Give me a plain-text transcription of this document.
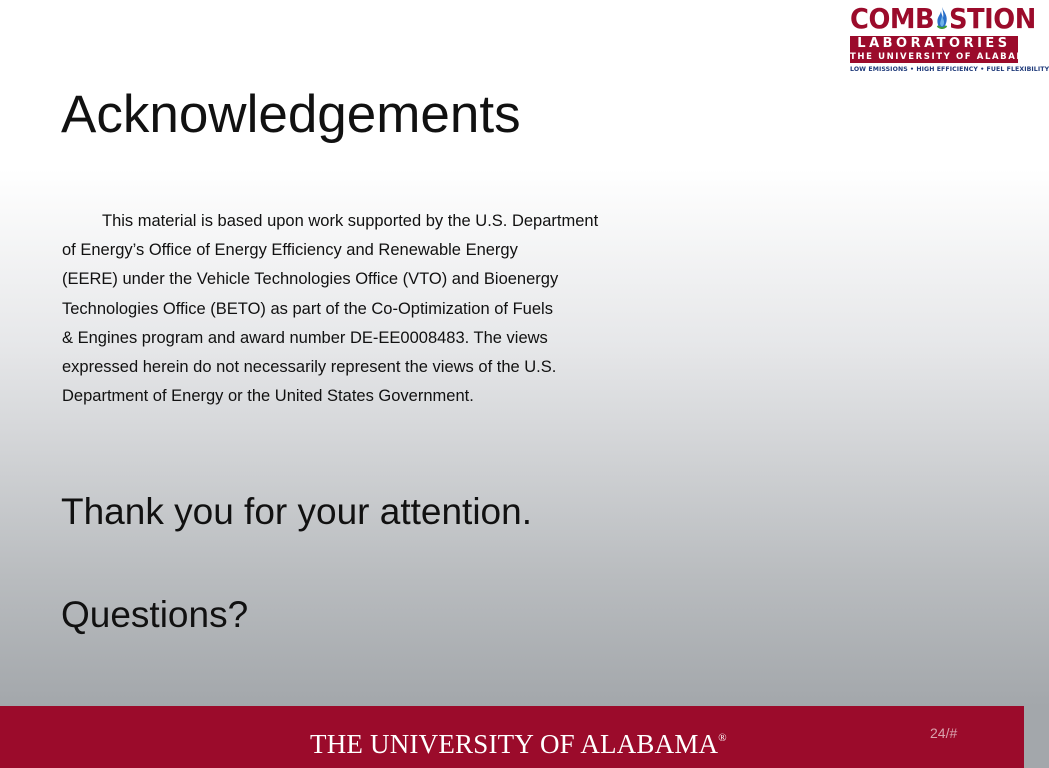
COMB STION
LABORATORIES
THE UNIVERSITY OF ALABAMA
LOW EMISSIONS • HIGH EFFICIENCY • FUEL FLEXIBILITY
Acknowledgements
This material is based upon work supported by the U.S. Department
of Energy’s Office of Energy Efficiency and Renewable Energy
(EERE) under the Vehicle Technologies Office (VTO) and Bioenergy
Technologies Office (BETO) as part of the Co-Optimization of Fuels
& Engines program and award number DE-EE0008483. The views
expressed herein do not necessarily represent the views of the U.S.
Department of Energy or the United States Government.
Thank you for your attention.
Questions?
THE UNIVERSITY OF ALABAMA®	24/#
